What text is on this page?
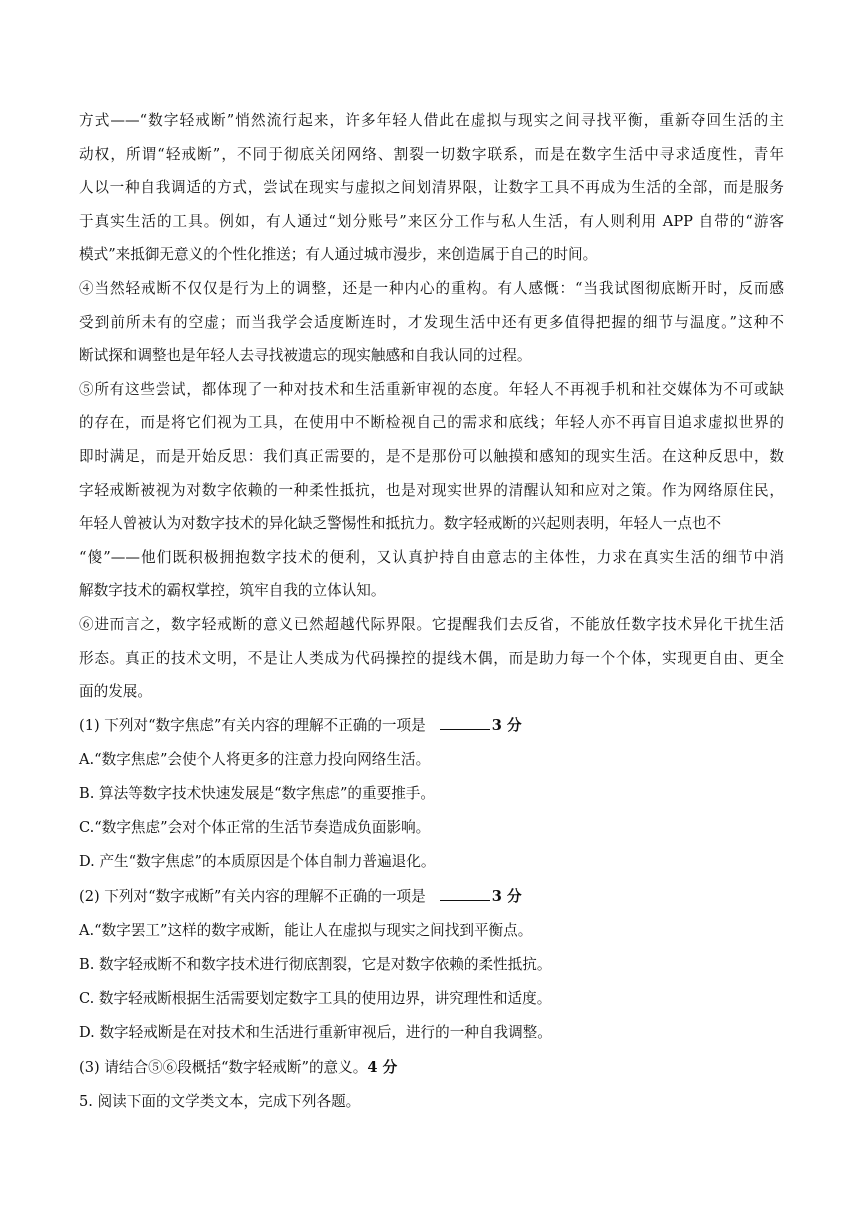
方式——“数字轻戒断”悄然流行起来，许多年轻人借此在虚拟与现实之间寻找平衡，重新夺回生活的主
动权，所谓“轻戒断”，不同于彻底关闭网络、割裂一切数字联系，而是在数字生活中寻求适度性，青年
人以一种自我调适的方式，尝试在现实与虚拟之间划清界限，让数字工具不再成为生活的全部，而是服务
于真实生活的工具。例如，有人通过“划分账号”来区分工作与私人生活，有人则利用 APP 自带的“游客
模式”来抵御无意义的个性化推送；有人通过城市漫步，来创造属于自己的时间。
④当然轻戒断不仅仅是行为上的调整，还是一种内心的重构。有人感慨：“当我试图彻底断开时，反而感
受到前所未有的空虚；而当我学会适度断连时，才发现生活中还有更多值得把握的细节与温度。”这种不
断试探和调整也是年轻人去寻找被遗忘的现实触感和自我认同的过程。
⑤所有这些尝试，都体现了一种对技术和生活重新审视的态度。年轻人不再视手机和社交媒体为不可或缺
的存在，而是将它们视为工具，在使用中不断检视自己的需求和底线；年轻人亦不再盲目追求虚拟世界的
即时满足，而是开始反思：我们真正需要的，是不是那份可以触摸和感知的现实生活。在这种反思中，数
字轻戒断被视为对数字依赖的一种柔性抵抗，也是对现实世界的清醒认知和应对之策。作为网络原住民，
年轻人曾被认为对数字技术的异化缺乏警惕性和抵抗力。数字轻戒断的兴起则表明，年轻人一点也不
“傻”——他们既积极拥抱数字技术的便利，又认真护持自由意志的主体性，力求在真实生活的细节中消
解数字技术的霸权掌控，筑牢自我的立体认知。
⑥进而言之，数字轻戒断的意义已然超越代际界限。它提醒我们去反省，不能放任数字技术异化干扰生活
形态。真正的技术文明，不是让人类成为代码操控的提线木偶，而是助力每一个个体，实现更自由、更全
面的发展。
(1) 下列对“数字焦虑”有关内容的理解不正确的一项是	3 分
A.“数字焦虑”会使个人将更多的注意力投向网络生活。
B. 算法等数字技术快速发展是“数字焦虑”的重要推手。
C.“数字焦虑”会对个体正常的生活节奏造成负面影响。
D. 产生“数字焦虑”的本质原因是个体自制力普遍退化。
(2) 下列对“数字戒断”有关内容的理解不正确的一项是	3 分
A.“数字罢工”这样的数字戒断，能让人在虚拟与现实之间找到平衡点。
B. 数字轻戒断不和数字技术进行彻底割裂，它是对数字依赖的柔性抵抗。
C. 数字轻戒断根据生活需要划定数字工具的使用边界，讲究理性和适度。
D. 数字轻戒断是在对技术和生活进行重新审视后，进行的一种自我调整。
(3) 请结合⑤⑥段概括“数字轻戒断”的意义。4 分
5. 阅读下面的文学类文本，完成下列各题。
